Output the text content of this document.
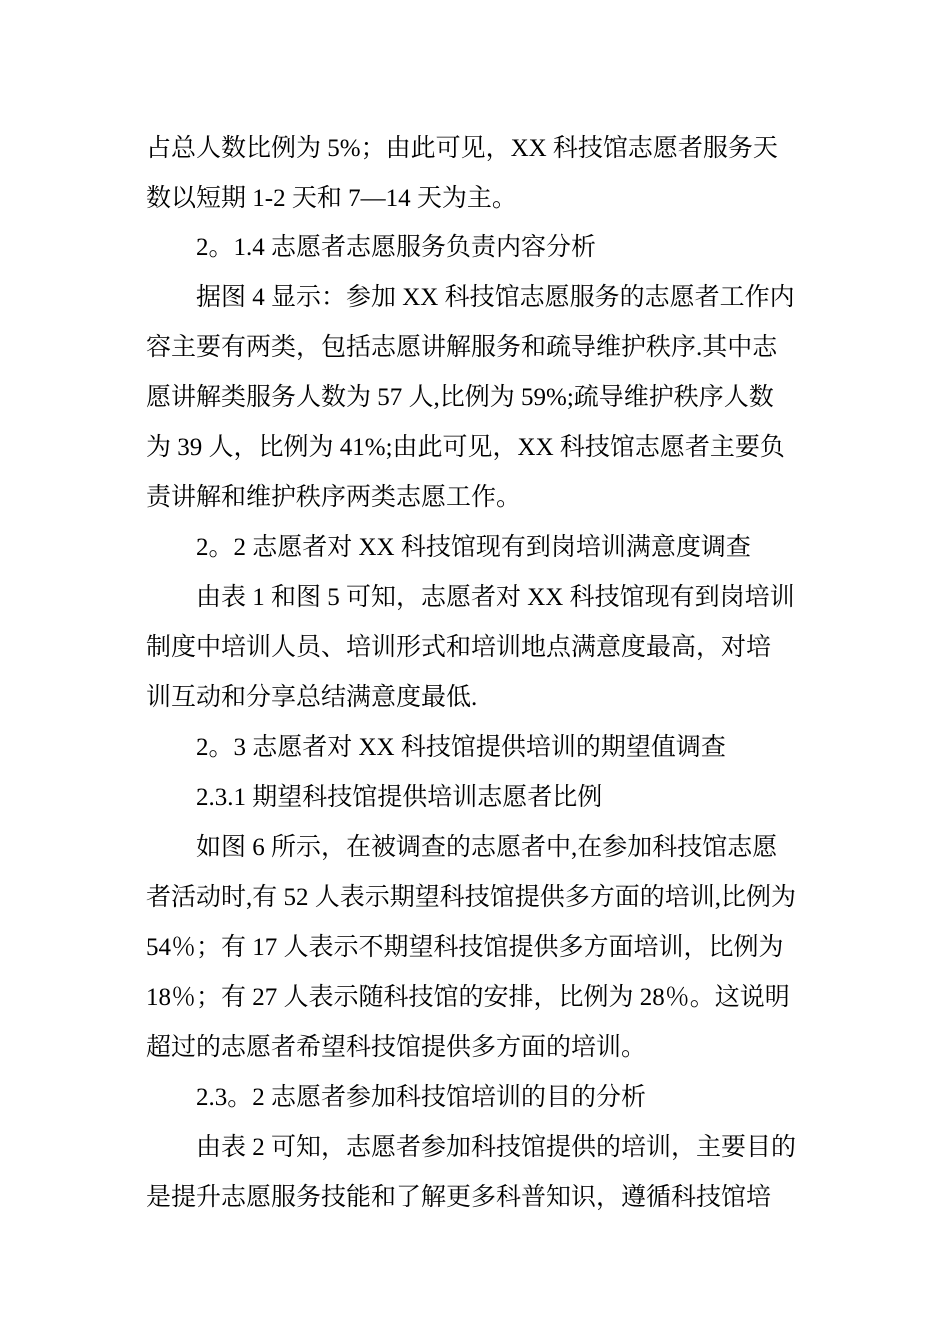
占总人数比例为 5%；由此可见，XX 科技馆志愿者服务天
数以短期 1-2 天和 7—14 天为主。
2。1.4 志愿者志愿服务负责内容分析
据图 4 显示：参加 XX 科技馆志愿服务的志愿者工作内
容主要有两类，包括志愿讲解服务和疏导维护秩序.其中志
愿讲解类服务人数为 57 人,比例为 59%;疏导维护秩序人数
为 39 人，比例为 41%;由此可见，XX 科技馆志愿者主要负
责讲解和维护秩序两类志愿工作。
2。2 志愿者对 XX 科技馆现有到岗培训满意度调查
由表 1 和图 5 可知，志愿者对 XX 科技馆现有到岗培训
制度中培训人员、培训形式和培训地点满意度最高，对培
训互动和分享总结满意度最低.
2。3 志愿者对 XX 科技馆提供培训的期望值调查
2.3.1 期望科技馆提供培训志愿者比例
如图 6 所示，在被调查的志愿者中,在参加科技馆志愿
者活动时,有 52 人表示期望科技馆提供多方面的培训,比例为
54％；有 17 人表示不期望科技馆提供多方面培训，比例为
18％；有 27 人表示随科技馆的安排，比例为 28％。这说明
超过的志愿者希望科技馆提供多方面的培训。
2.3。2 志愿者参加科技馆培训的目的分析
由表 2 可知，志愿者参加科技馆提供的培训，主要目的
是提升志愿服务技能和了解更多科普知识，遵循科技馆培
